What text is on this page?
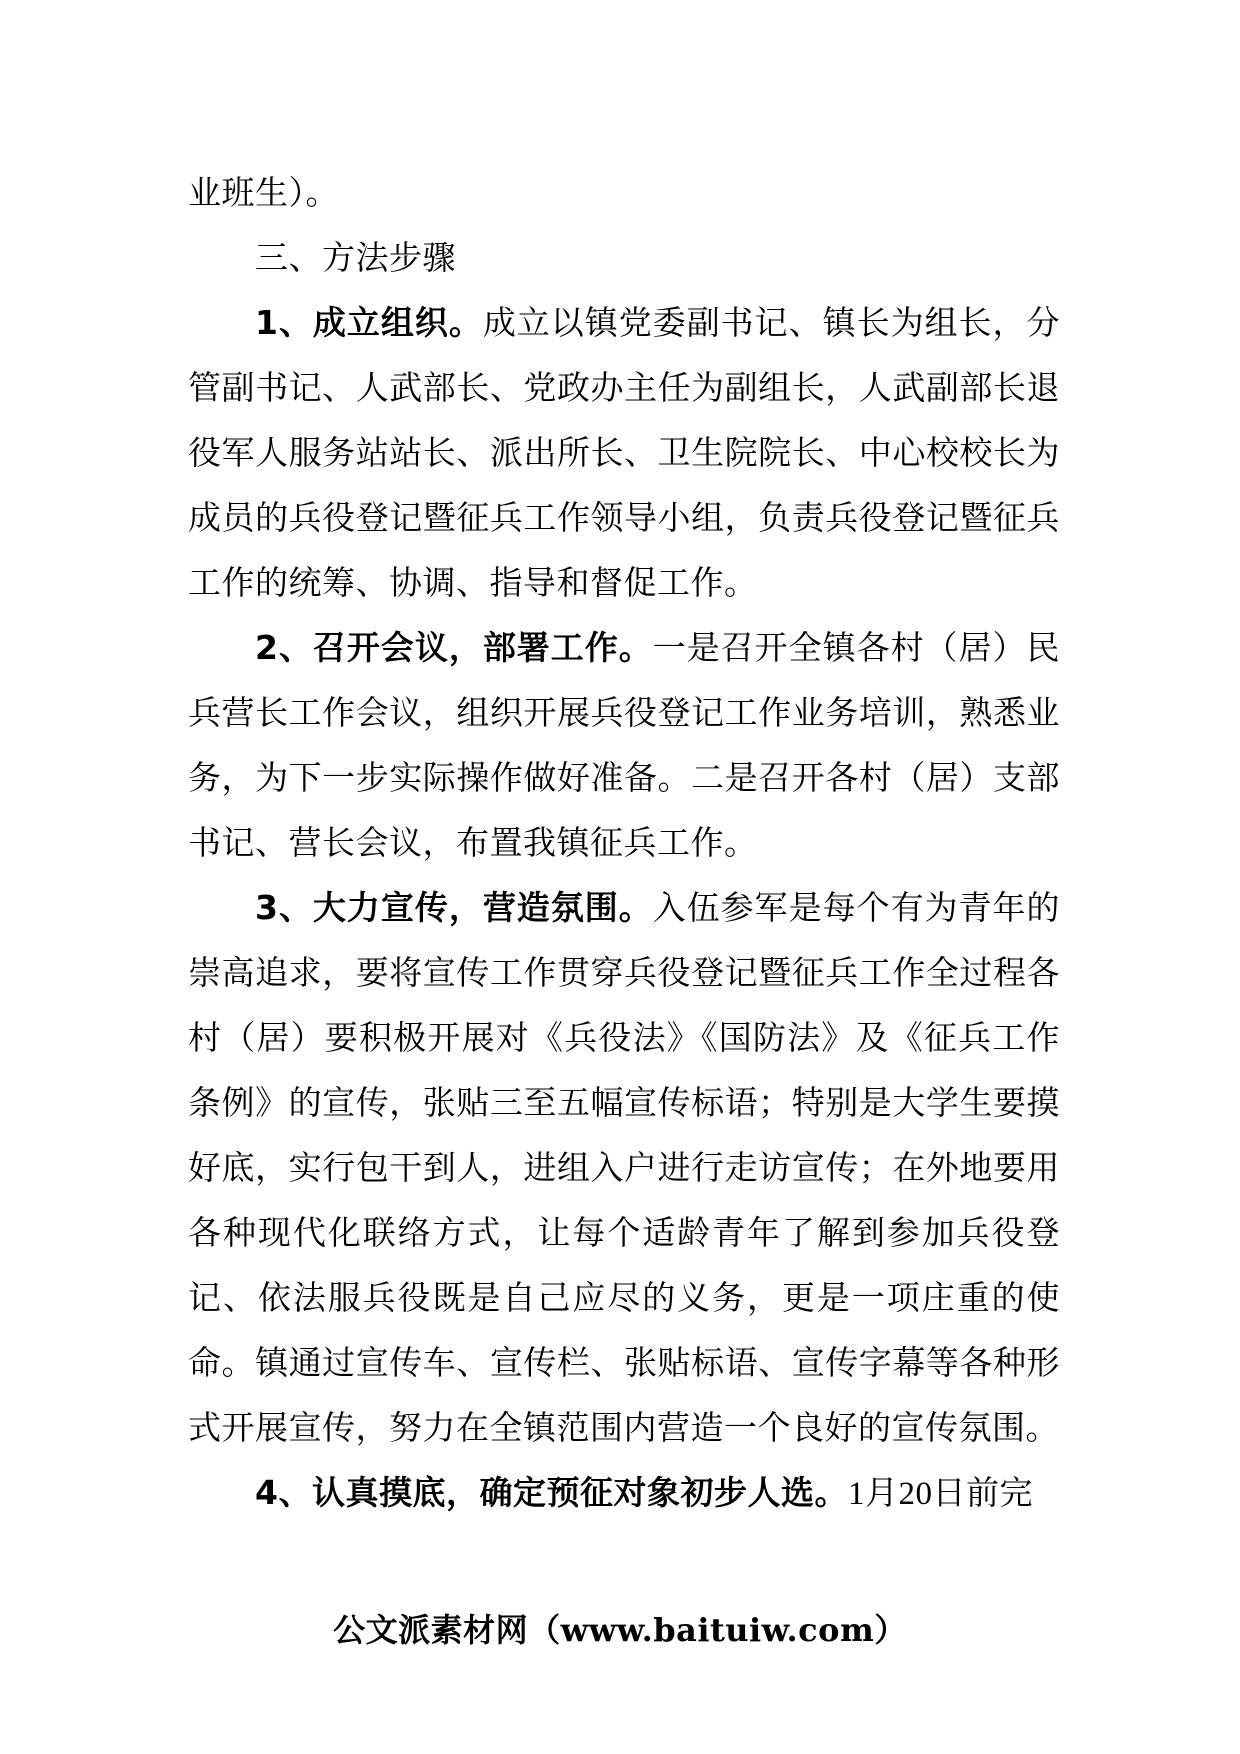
业班生）。

三、方法步骤

1、成立组织。成立以镇党委副书记、镇长为组长，分管副书记、人武部长、党政办主任为副组长，人武副部长退役军人服务站站长、派出所长、卫生院院长、中心校校长为成员的兵役登记暨征兵工作领导小组，负责兵役登记暨征兵工作的统筹、协调、指导和督促工作。

2、召开会议，部署工作。一是召开全镇各村（居）民兵营长工作会议，组织开展兵役登记工作业务培训，熟悉业务，为下一步实际操作做好准备。二是召开各村（居）支部书记、营长会议，布置我镇征兵工作。

3、大力宣传，营造氛围。入伍参军是每个有为青年的崇高追求，要将宣传工作贯穿兵役登记暨征兵工作全过程各村（居）要积极开展对《兵役法》《国防法》及《征兵工作条例》的宣传，张贴三至五幅宣传标语；特别是大学生要摸好底，实行包干到人，进组入户进行走访宣传；在外地要用各种现代化联络方式，让每个适龄青年了解到参加兵役登记、依法服兵役既是自己应尽的义务，更是一项庄重的使命。镇通过宣传车、宣传栏、张贴标语、宣传字幕等各种形式开展宣传，努力在全镇范围内营造一个良好的宣传氛围。

4、认真摸底，确定预征对象初步人选。1月20日前完

公文派素材网（www.baituiw.com）
